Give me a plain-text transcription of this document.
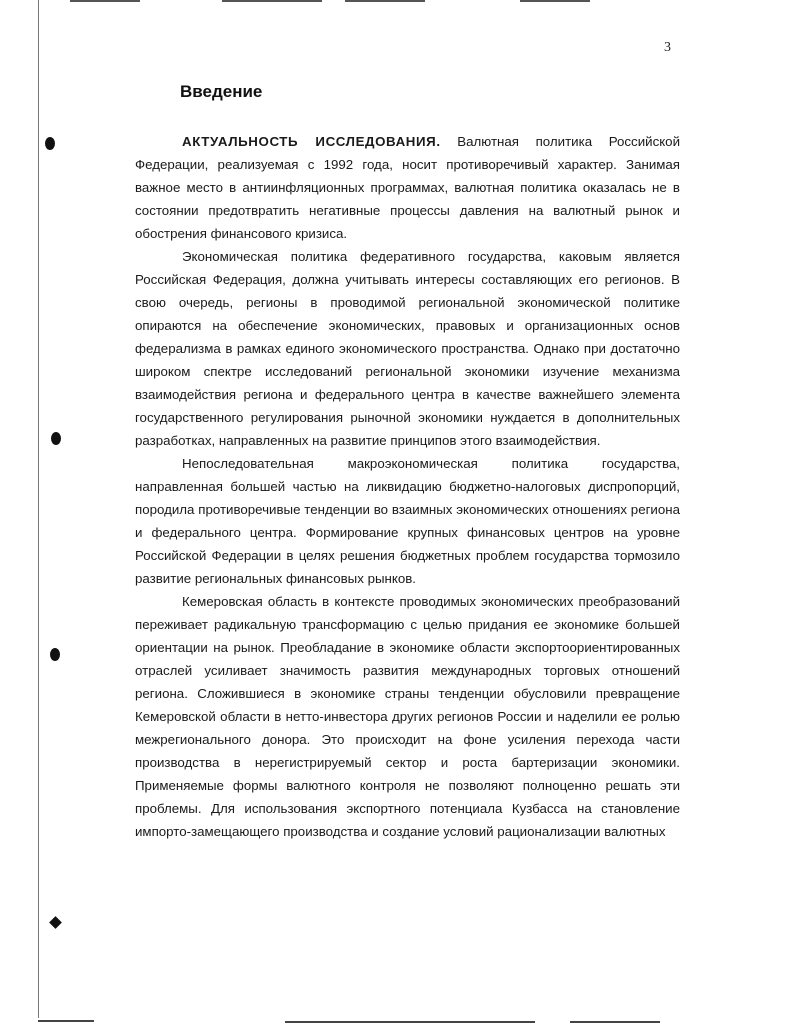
3
Введение

АКТУАЛЬНОСТЬ ИССЛЕДОВАНИЯ. Валютная политика Российской Федерации, реализуемая с 1992 года, носит противоречивый характер. Занимая важное место в антиинфляционных программах, валютная политика оказалась не в состоянии предотвратить негативные процессы давления на валютный рынок и обострения финансового кризиса.

Экономическая политика федеративного государства, каковым является Российская Федерация, должна учитывать интересы составляющих его регионов. В свою очередь, регионы в проводимой региональной экономической политике опираются на обеспечение экономических, правовых и организационных основ федерализма в рамках единого экономического пространства. Однако при достаточно широком спектре исследований региональной экономики изучение механизма взаимодействия региона и федерального центра в качестве важнейшего элемента государственного регулирования рыночной экономики нуждается в дополнительных разработках, направленных на развитие принципов этого взаимодействия.

Непоследовательная макроэкономическая политика государства, направленная большей частью на ликвидацию бюджетно-налоговых диспропорций, породила противоречивые тенденции во взаимных экономических отношениях региона и федерального центра. Формирование крупных финансовых центров на уровне Российской Федерации в целях решения бюджетных проблем государства тормозило развитие региональных финансовых рынков.

Кемеровская область в контексте проводимых экономических преобразований переживает радикальную трансформацию с целью придания ее экономике большей ориентации на рынок. Преобладание в экономике области экспортоориентированных отраслей усиливает значимость развития международных торговых отношений региона. Сложившиеся в экономике страны тенденции обусловили превращение Кемеровской области в нетто-инвестора других регионов России и наделили ее ролью межрегионального донора. Это происходит на фоне усиления перехода части производства в нерегистрируемый сектор и роста бартеризации экономики. Применяемые формы валютного контроля не позволяют полноценно решать эти проблемы. Для использования экспортного потенциала Кузбасса на становление импорто-замещающего производства и создание условий рационализации валютных
